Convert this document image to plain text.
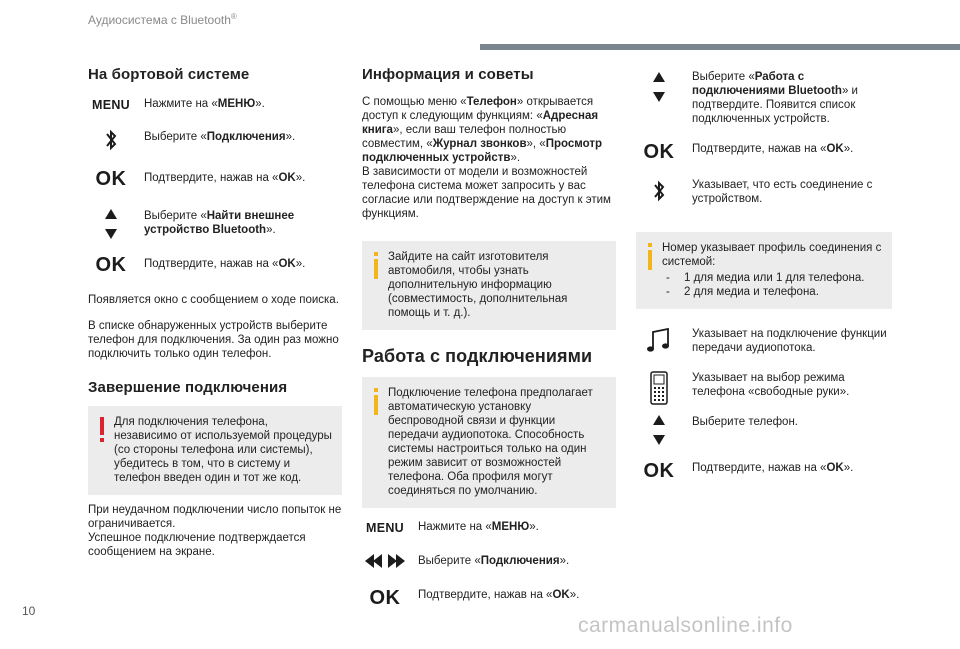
Аудиосистема с Bluetooth®
На бортовой системе
MENU	Нажмите на «МЕНЮ».
Выберите «Подключения».
OK	Подтвердите, нажав на «OK».
Выберите «Найти внешнее устройство Bluetooth».
OK	Подтвердите, нажав на «OK».

Появляется окно с сообщением о ходе поиска.

В списке обнаруженных устройств выберите телефон для подключения. За один раз можно подключить только один телефон.

Завершение подключения
Для подключения телефона, независимо от используемой процедуры (со стороны телефона или системы), убедитесь в том, что в систему и телефон введен один и тот же код.

При неудачном подключении число попыток не ограничивается.

Успешное подключение подтверждается сообщением на экране.

Информация и советы

С помощью меню «Телефон» открывается доступ к следующим функциям: «Адресная книга», если ваш телефон полностью совместим, «Журнал звонков», «Просмотр подключенных устройств».

В зависимости от модели и возможностей телефона система может запросить у вас согласие или подтверждение на доступ к этим функциям.

Зайдите на сайт изготовителя автомобиля, чтобы узнать дополнительную информацию (совместимость, дополнительная помощь и т. д.).
Работа с подключениями
Подключение телефона предполагает автоматическую установку беспроводной связи и функции передачи аудиопотока. Способность системы настроиться только на один режим зависит от возможностей телефона. Оба профиля могут соединяться по умолчанию.
MENU	Нажмите на «МЕНЮ».
Выберите «Подключения».
OK	Подтвердите, нажав на «OK».
Выберите «Работа с подключениями Bluetooth» и подтвердите. Появится список подключенных устройств.
OK	Подтвердите, нажав на «OK».
Указывает, что есть соединение с устройством.
Номер указывает профиль соединения с системой:
- 1 для медиа или 1 для телефона.
- 2 для медиа и телефона.
Указывает на подключение функции передачи аудиопотока.
Указывает на выбор режима телефона «свободные руки».
Выберите телефон.
OK	Подтвердите, нажав на «OK».
10
carmanualsonline.info
